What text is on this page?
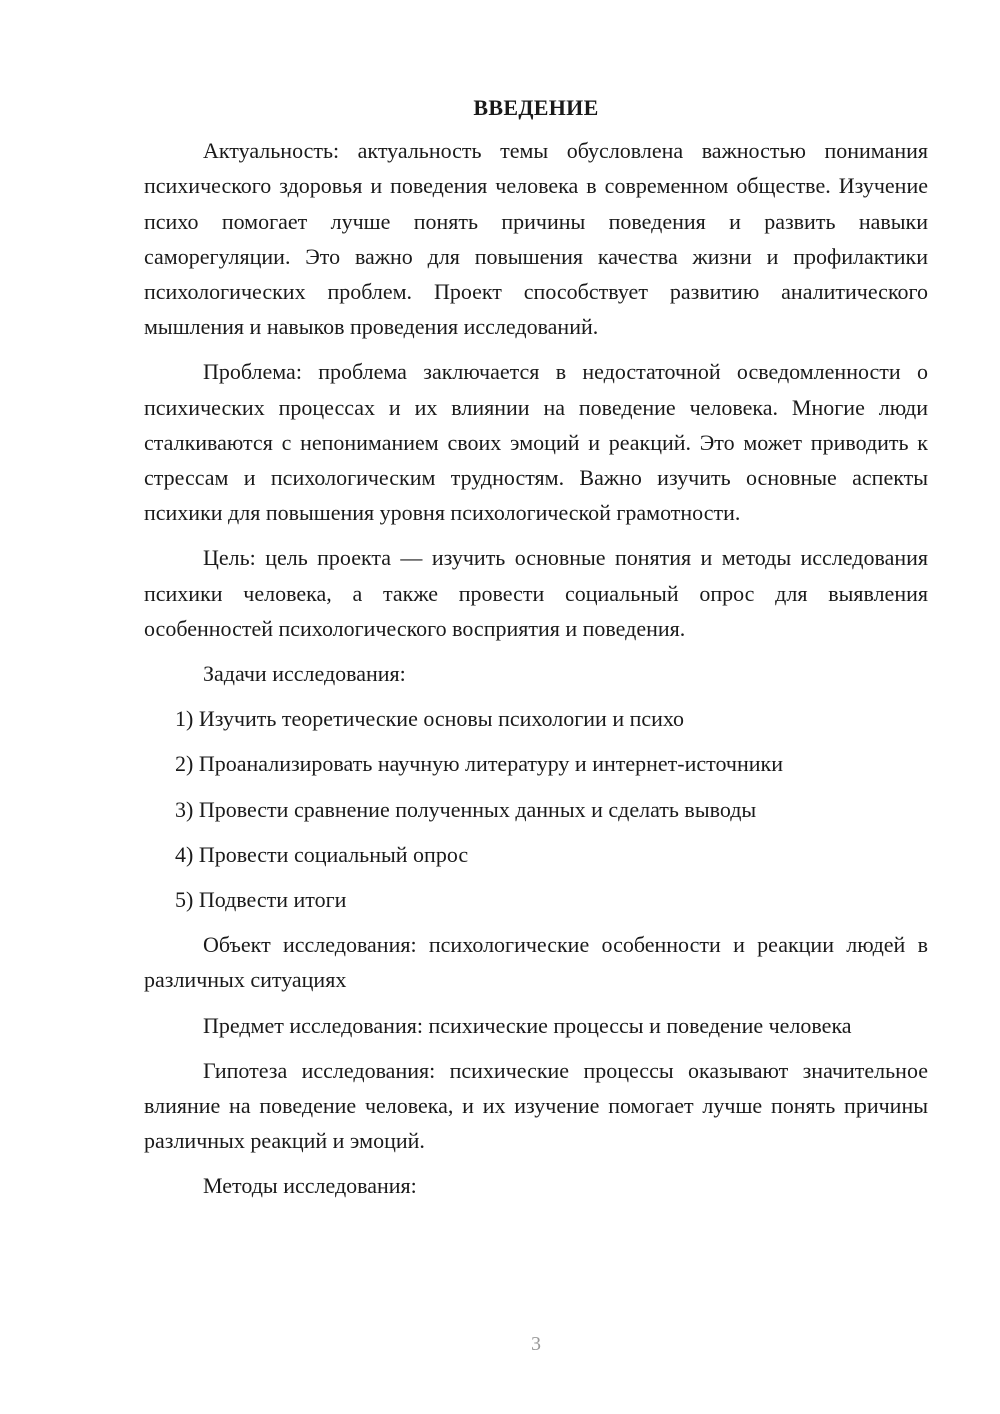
ВВЕДЕНИЕ

Актуальность: актуальность темы обусловлена важностью понимания психического здоровья и поведения человека в современном обществе. Изучение психо помогает лучше понять причины поведения и развить навыки саморегуляции. Это важно для повышения качества жизни и профилактики психологических проблем. Проект способствует развитию аналитического мышления и навыков проведения исследований.

Проблема: проблема заключается в недостаточной осведомленности о психических процессах и их влиянии на поведение человека. Многие люди сталкиваются с непониманием своих эмоций и реакций. Это может приводить к стрессам и психологическим трудностям. Важно изучить основные аспекты психики для повышения уровня психологической грамотности.

Цель: цель проекта — изучить основные понятия и методы исследования психики человека, а также провести социальный опрос для выявления особенностей психологического восприятия и поведения.

Задачи исследования:

1) Изучить теоретические основы психологии и психо
2) Проанализировать научную литературу и интернет-источники
3) Провести сравнение полученных данных и сделать выводы
4) Провести социальный опрос
5) Подвести итоги

Объект исследования: психологические особенности и реакции людей в различных ситуациях

Предмет исследования: психические процессы и поведение человека

Гипотеза исследования: психические процессы оказывают значительное влияние на поведение человека, и их изучение помогает лучше понять причины различных реакций и эмоций.

Методы исследования:

3
